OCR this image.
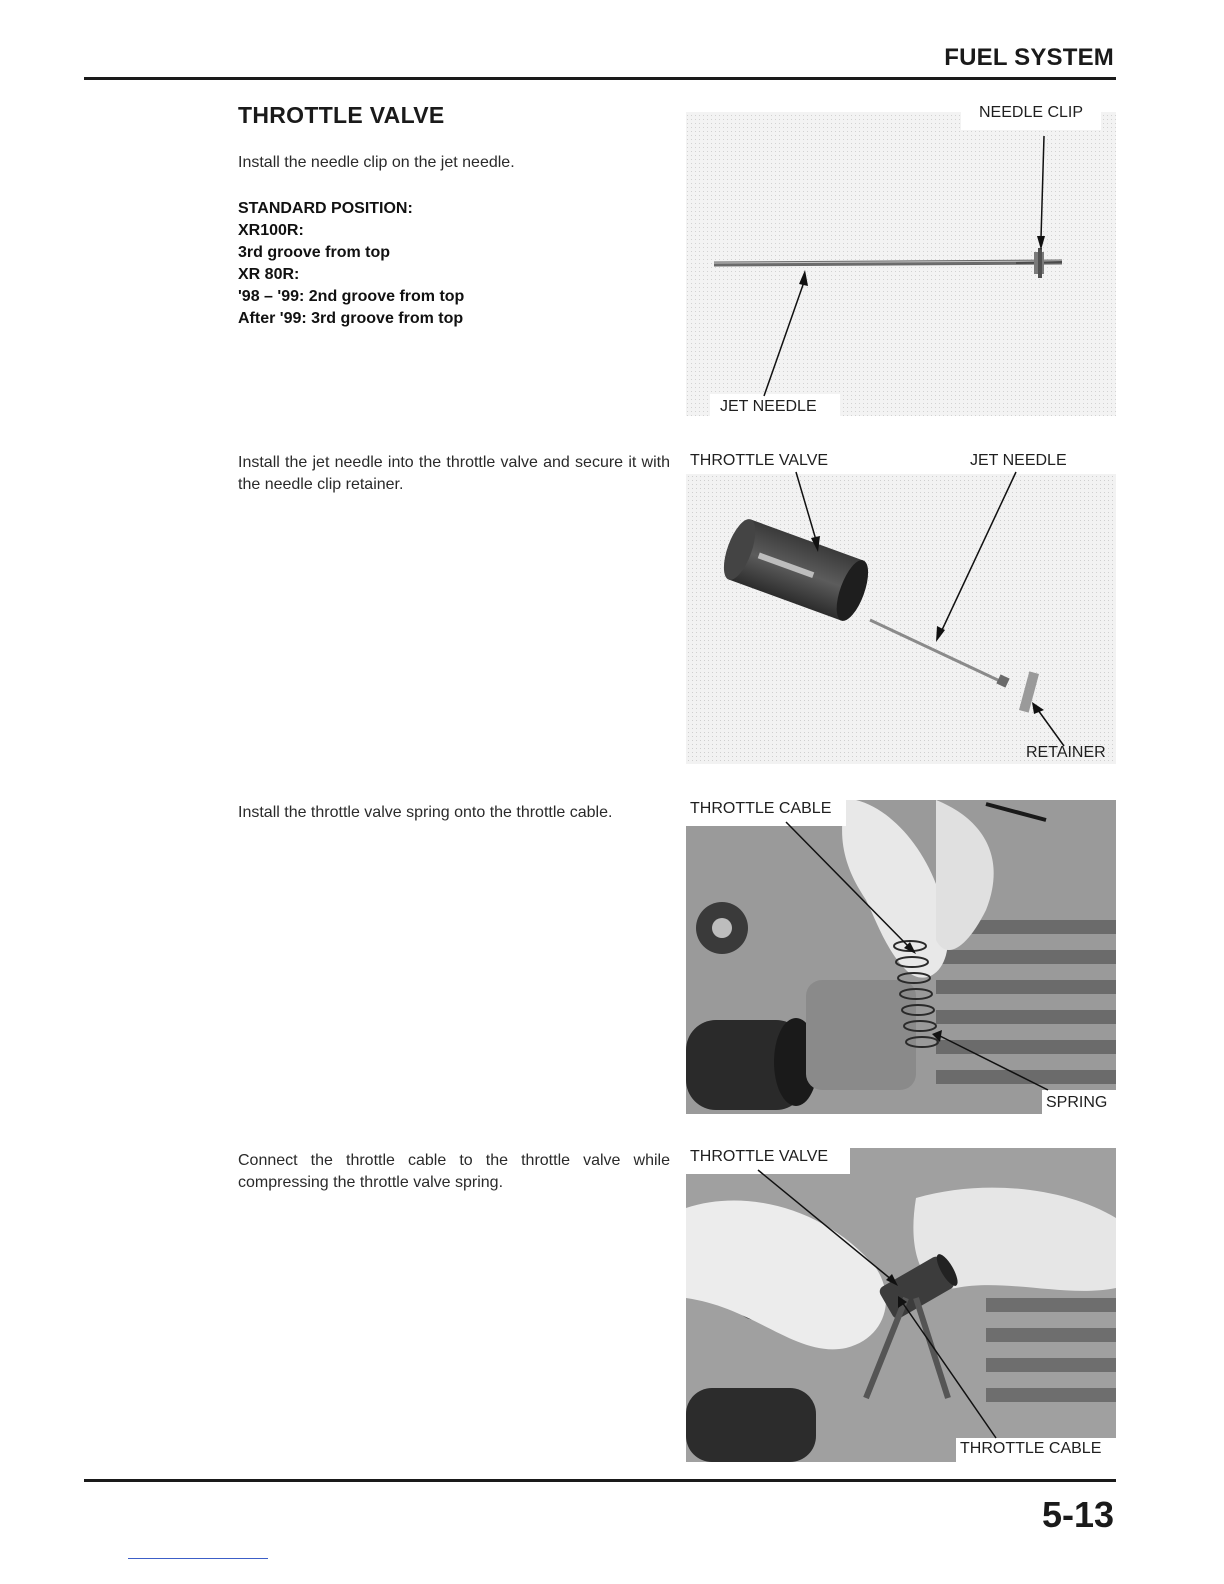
FUEL SYSTEM
THROTTLE VALVE
Install the needle clip on the jet needle.
STANDARD POSITION:
XR100R:
3rd groove from top
XR 80R:
'98 – '99: 2nd groove from top
After '99: 3rd groove from top
Install the jet needle into the throttle valve and secure it with the needle clip retainer.
Install the throttle valve spring onto the throttle cable.
Connect the throttle cable to the throttle valve while compressing the throttle valve spring.
NEEDLE CLIP
JET NEEDLE
THROTTLE VALVE	JET NEEDLE
RETAINER
THROTTLE CABLE
SPRING
THROTTLE VALVE
THROTTLE CABLE
5-13
